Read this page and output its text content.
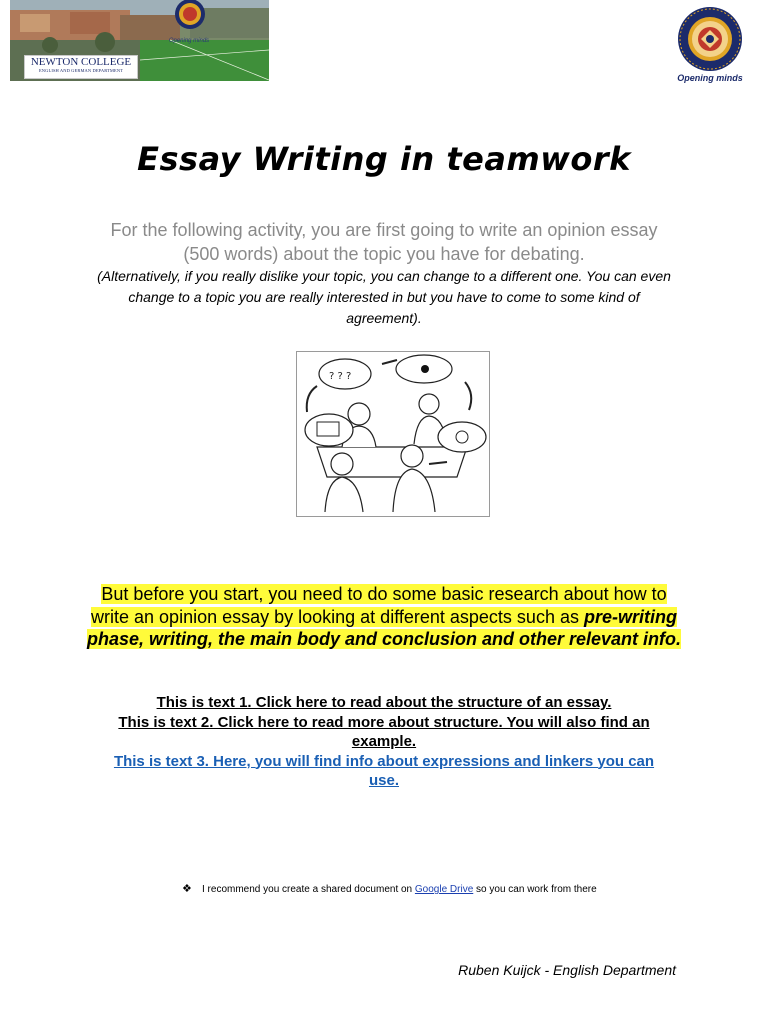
NEWTON COLLEGE
ENGLISH AND GERMAN DEPARTMENT
Opening minds
Opening minds
Essay Writing in teamwork
For the following activity, you are first going to write an opinion essay (500 words) about the topic you have for debating.
(Alternatively, if you really dislike your topic, you can change to a different one. You can even change to a topic you are really interested in but you have to come to some kind of agreement).
? ? ?
But before you start, you need to do some basic research about how to write an opinion essay by looking at different aspects such as pre-writing phase, writing, the main body and conclusion and other relevant info.
This is text 1. Click here to read about the structure of an essay.
This is text 2. Click here to read more about structure. You will also find an example.
This is text 3. Here, you will find info about expressions and linkers you can use.
❖ I recommend you create a shared document on Google Drive so you can work from there
Ruben Kuijck - English Department
